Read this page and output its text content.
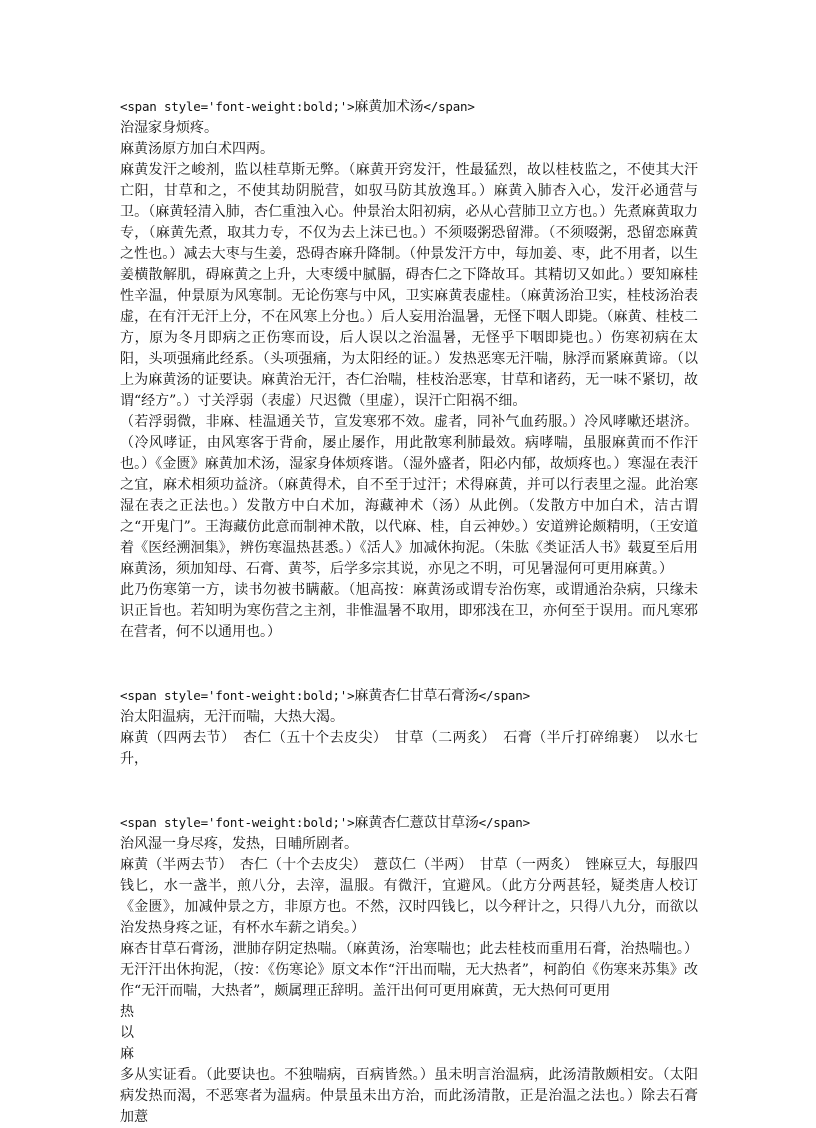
<span style='font-weight:bold;'>麻黄加术汤</span>

治湿家身烦疼。

麻黄汤原方加白术四两。

麻黄发汗之峻剂，监以桂草斯无弊。（麻黄开窍发汗，性最猛烈，故以桂枝监之，不使其大汗亡阳，甘草和之，不使其劫阴脱营，如驭马防其放逸耳。）麻黄入肺杏入心，发汗必通营与卫。（麻黄轻清入肺，杏仁重浊入心。仲景治太阳初病，必从心营肺卫立方也。）先煮麻黄取力专，（麻黄先煮，取其力专，不仅为去上沫已也。）不须啜粥恐留滞。（不须啜粥，恐留恋麻黄之性也。）减去大枣与生姜，恐碍杏麻升降制。（仲景发汗方中，每加姜、枣，此不用者，以生姜横散解肌，碍麻黄之上升，大枣缓中腻膈，碍杏仁之下降故耳。其精切又如此。）要知麻桂性辛温，仲景原为风寒制。无论伤寒与中风，卫实麻黄表虚桂。（麻黄汤治卫实，桂枝汤治表虚，在有汗无汗上分，不在风寒上分也。）后人妄用治温暑，无怪下咽人即毙。（麻黄、桂枝二方，原为冬月即病之正伤寒而设，后人误以之治温暑，无怪乎下咽即毙也。）伤寒初病在太阳，头项强痛此经系。（头项强痛，为太阳经的证。）发热恶寒无汗喘，脉浮而紧麻黄谛。（以上为麻黄汤的证要诀。麻黄治无汗，杏仁治喘，桂枝治恶寒，甘草和诸药，无一味不紧切，故谓“经方”。）寸关浮弱（表虚）尺迟微（里虚），误汗亡阳祸不细。

（若浮弱微，非麻、桂温通关节，宣发寒邪不效。虚者，同补气血药服。）冷风哮嗽还堪济。（冷风哮证，由风寒客于背俞，屡止屡作，用此散寒利肺最效。病哮喘，虽服麻黄而不作汗也。）《金匮》麻黄加术汤，湿家身体烦疼谐。（湿外盛者，阳必内郁，故烦疼也。）寒湿在表汗之宜，麻术相须功益济。（麻黄得术，自不至于过汗；术得麻黄，并可以行表里之湿。此治寒湿在表之正法也。）发散方中白术加，海藏神术（汤）从此例。（发散方中加白术，洁古谓之“开鬼门”。王海藏仿此意而制神术散，以代麻、桂，自云神妙。）安道辨论颇精明，（王安道着《医经溯洄集》，辨伤寒温热甚悉。）《活人》加减休拘泥。（朱肱《类证活人书》载夏至后用麻黄汤，须加知母、石膏、黄芩，后学多宗其说，亦见之不明，可见暑湿何可更用麻黄。）

此乃伤寒第一方，读书勿被书瞒蔽。（旭高按：麻黄汤或谓专治伤寒，或谓通治杂病，只缘未识正旨也。若知明为寒伤营之主剂，非惟温暑不取用，即邪浅在卫，亦何至于误用。而凡寒邪在营者，何不以通用也。）

<span style='font-weight:bold;'>麻黄杏仁甘草石膏汤</span>

治太阳温病，无汗而喘，大热大渴。

麻黄（四两去节）　杏仁（五十个去皮尖）　甘草（二两炙）　石膏（半斤打碎绵裹）　以水七升，

<span style='font-weight:bold;'>麻黄杏仁薏苡甘草汤</span>

治风湿一身尽疼，发热，日晡所剧者。

麻黄（半两去节）　杏仁（十个去皮尖）　薏苡仁（半两）　甘草（一两炙）　锉麻豆大，每服四钱匕，水一盏半，煎八分，去滓，温服。有微汗，宜避风。（此方分两甚轻，疑类唐人校订《金匮》，加减仲景之方，非原方也。不然，汉时四钱匕，以今秤计之，只得八九分，而欲以治发热身疼之证，有杯水车薪之诮矣。）

麻杏甘草石膏汤，泄肺存阴定热喘。（麻黄汤，治寒喘也；此去桂枝而重用石膏，治热喘也。）无汗汗出休拘泥，（按：《伤寒论》原文本作“汗出而喘，无大热者”，柯韵伯《伤寒来苏集》改作“无汗而喘，大热者”，颇属理正辞明。盖汗出何可更用麻黄，无大热何可更用

热

以

麻

多从实证看。（此要诀也。不独喘病，百病皆然。）虽未明言治温病，此汤清散颇相安。（太阳病发热而渴，不恶寒者为温病。仲景虽未出方治，而此汤清散，正是治温之法也。）除去石膏加薏
